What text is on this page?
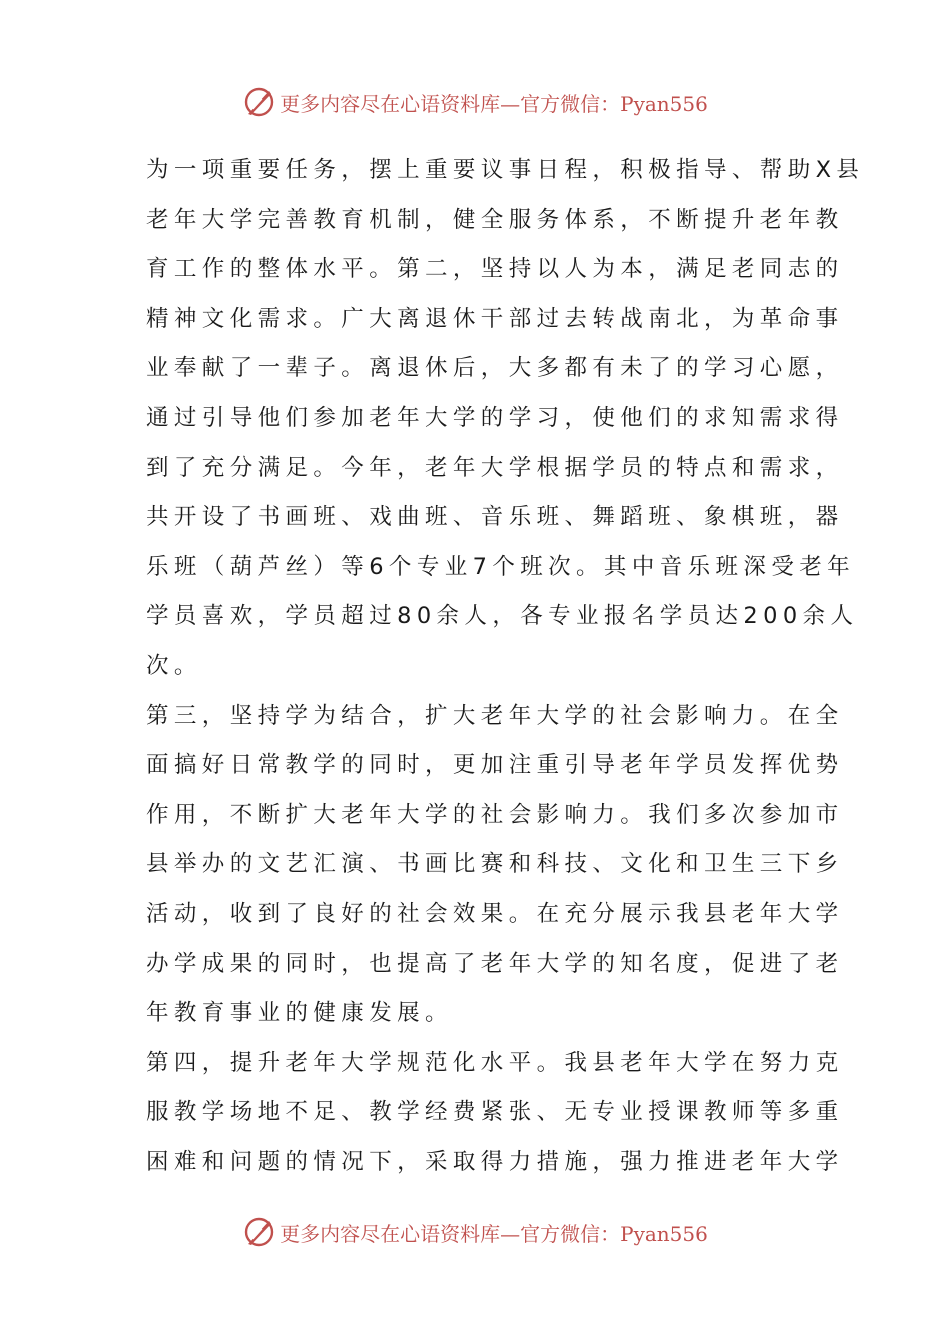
更多内容尽在心语资料库—官方微信：Pyan556
为一项重要任务，摆上重要议事日程，积极指导、帮助X县
老年大学完善教育机制，健全服务体系，不断提升老年教
育工作的整体水平。第二，坚持以人为本，满足老同志的
精神文化需求。广大离退休干部过去转战南北，为革命事
业奉献了一辈子。离退休后，大多都有未了的学习心愿，
通过引导他们参加老年大学的学习，使他们的求知需求得
到了充分满足。今年，老年大学根据学员的特点和需求，
共开设了书画班、戏曲班、音乐班、舞蹈班、象棋班，器
乐班（葫芦丝）等6个专业7个班次。其中音乐班深受老年
学员喜欢，学员超过80余人，各专业报名学员达200余人
次。
第三，坚持学为结合，扩大老年大学的社会影响力。在全
面搞好日常教学的同时，更加注重引导老年学员发挥优势
作用，不断扩大老年大学的社会影响力。我们多次参加市
县举办的文艺汇演、书画比赛和科技、文化和卫生三下乡
活动，收到了良好的社会效果。在充分展示我县老年大学
办学成果的同时，也提高了老年大学的知名度，促进了老
年教育事业的健康发展。
第四，提升老年大学规范化水平。我县老年大学在努力克
服教学场地不足、教学经费紧张、无专业授课教师等多重
困难和问题的情况下，采取得力措施，强力推进老年大学
更多内容尽在心语资料库—官方微信：Pyan556
